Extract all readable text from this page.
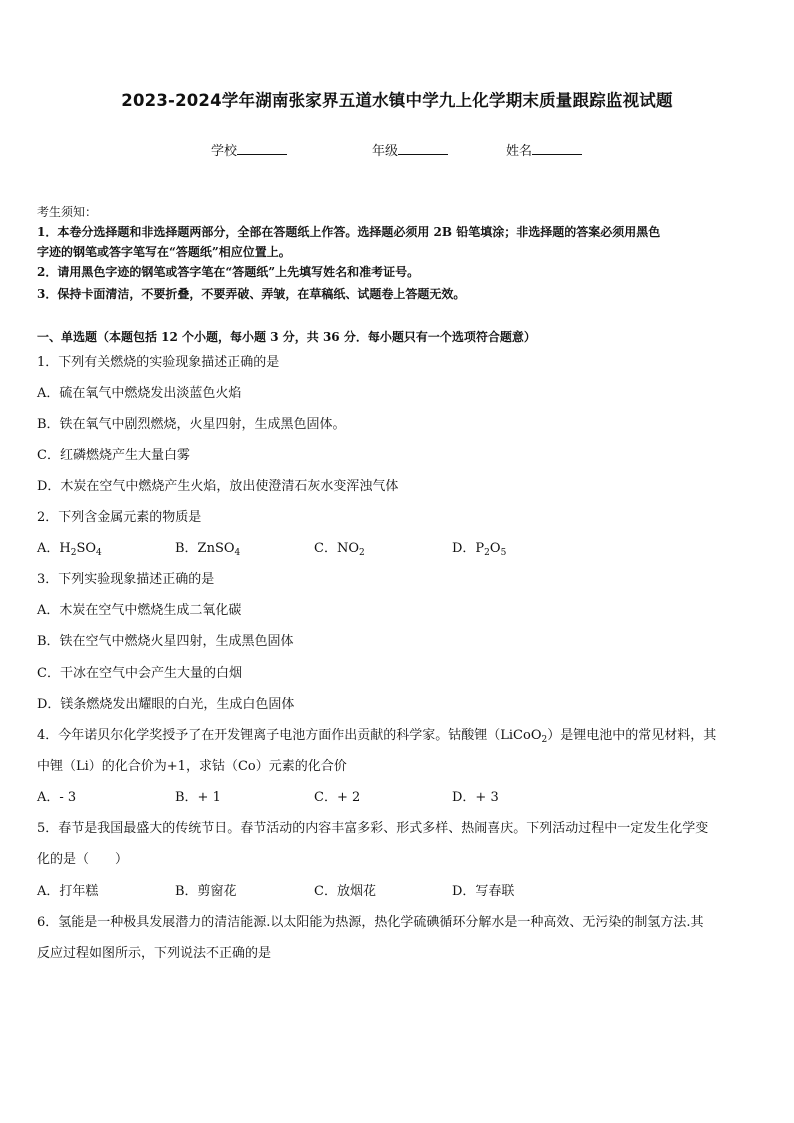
2023-2024学年湖南张家界五道水镇中学九上化学期末质量跟踪监视试题
学校	年级	姓名
考生须知：
1．本卷分选择题和非选择题两部分，全部在答题纸上作答。选择题必须用 2B 铅笔填涂；非选择题的答案必须用黑色
字迹的钢笔或答字笔写在“答题纸”相应位置上。
2．请用黑色字迹的钢笔或答字笔在“答题纸”上先填写姓名和准考证号。
3．保持卡面清洁，不要折叠，不要弄破、弄皱，在草稿纸、试题卷上答题无效。
一、单选题（本题包括 12 个小题，每小题 3 分，共 36 分．每小题只有一个选项符合题意）
1．下列有关燃烧的实验现象描述正确的是
A．硫在氧气中燃烧发出淡蓝色火焰
B．铁在氧气中剧烈燃烧，火星四射，生成黑色固体。
C．红磷燃烧产生大量白雾
D．木炭在空气中燃烧产生火焰，放出使澄清石灰水变浑浊气体
2．下列含金属元素的物质是
A．$H_2SO_4$	B．ZnSO$_4$	C．$NO_2$	D．$P_2O_5$
3．下列实验现象描述正确的是
A．木炭在空气中燃烧生成二氧化碳
B．铁在空气中燃烧火星四射，生成黑色固体
C．干冰在空气中会产生大量的白烟
D．镁条燃烧发出耀眼的白光，生成白色固体
4．今年诺贝尔化学奖授予了在开发锂离子电池方面作出贡献的科学家。钴酸锂（LiCoO$_2$）是锂电池中的常见材料，其
中锂（Li）的化合价为+1，求钴（Co）元素的化合价
A．- 3	B．+ 1	C．+ 2	D．+ 3
5．春节是我国最盛大的传统节日。春节活动的内容丰富多彩、形式多样、热闹喜庆。下列活动过程中一定发生化学变
化的是（　　）
A．打年糕	B．剪窗花	C．放烟花	D．写春联
6．氢能是一种极具发展潜力的清洁能源.以太阳能为热源，热化学硫碘循环分解水是一种高效、无污染的制氢方法.其
反应过程如图所示，下列说法不正确的是
